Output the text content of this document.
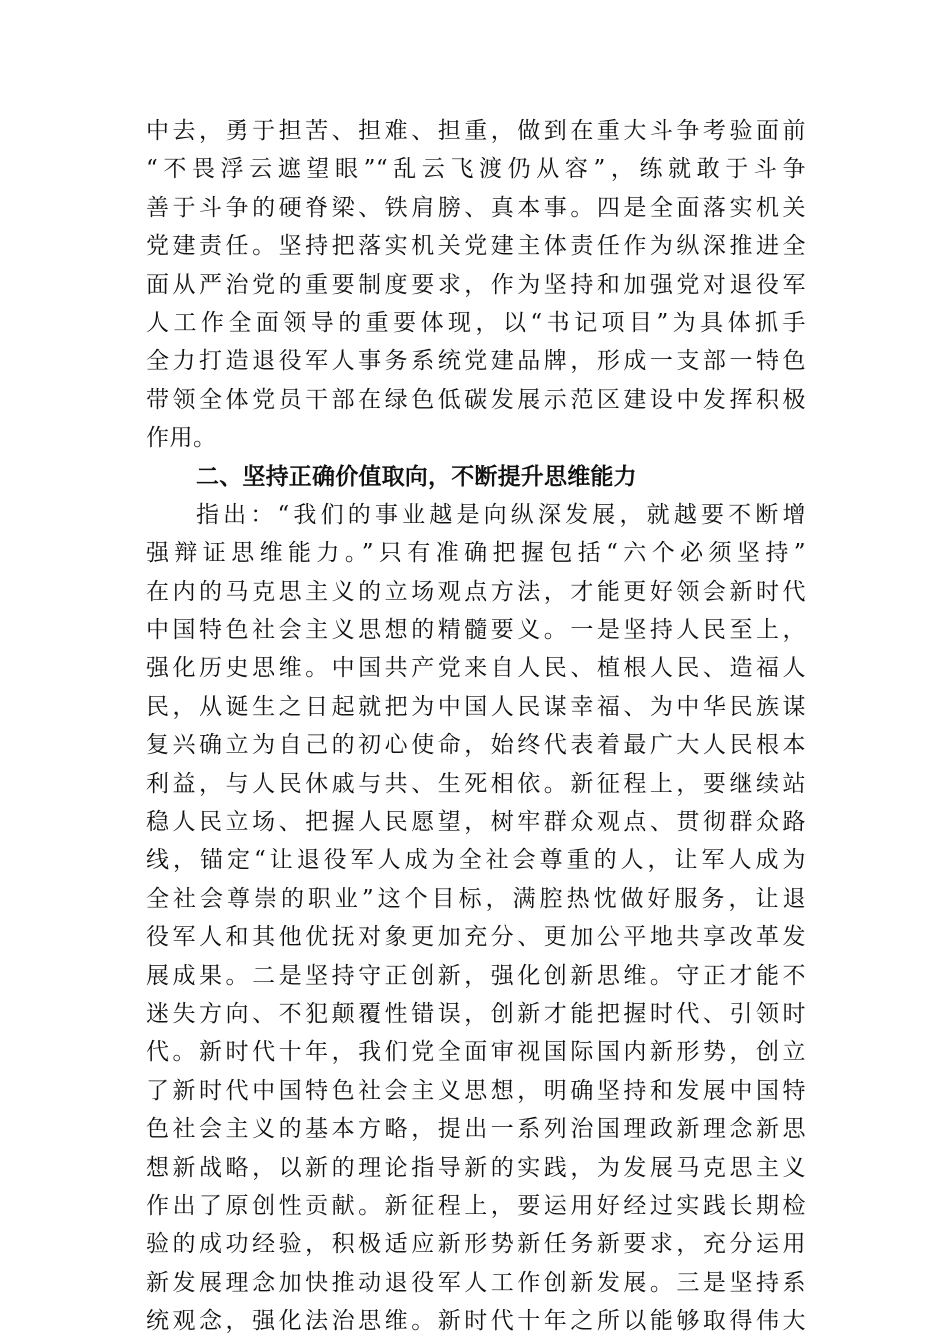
中去，勇于担苦、担难、担重，做到在重大斗争考验面前
“不畏浮云遮望眼”“乱云飞渡仍从容”，练就敢于斗争
善于斗争的硬脊梁、铁肩膀、真本事。四是全面落实机关
党建责任。坚持把落实机关党建主体责任作为纵深推进全
面从严治党的重要制度要求，作为坚持和加强党对退役军
人工作全面领导的重要体现，以“书记项目”为具体抓手
全力打造退役军人事务系统党建品牌，形成一支部一特色
带领全体党员干部在绿色低碳发展示范区建设中发挥积极
作用。
二、坚持正确价值取向，不断提升思维能力
指出：“我们的事业越是向纵深发展，就越要不断增
强辩证思维能力。”只有准确把握包括“六个必须坚持”
在内的马克思主义的立场观点方法，才能更好领会新时代
中国特色社会主义思想的精髓要义。一是坚持人民至上，
强化历史思维。中国共产党来自人民、植根人民、造福人
民，从诞生之日起就把为中国人民谋幸福、为中华民族谋
复兴确立为自己的初心使命，始终代表着最广大人民根本
利益，与人民休戚与共、生死相依。新征程上，要继续站
稳人民立场、把握人民愿望，树牢群众观点、贯彻群众路
线，锚定“让退役军人成为全社会尊重的人，让军人成为
全社会尊崇的职业”这个目标，满腔热忱做好服务，让退
役军人和其他优抚对象更加充分、更加公平地共享改革发
展成果。二是坚持守正创新，强化创新思维。守正才能不
迷失方向、不犯颠覆性错误，创新才能把握时代、引领时
代。新时代十年，我们党全面审视国际国内新形势，创立
了新时代中国特色社会主义思想，明确坚持和发展中国特
色社会主义的基本方略，提出一系列治国理政新理念新思
想新战略，以新的理论指导新的实践，为发展马克思主义
作出了原创性贡献。新征程上，要运用好经过实践长期检
验的成功经验，积极适应新形势新任务新要求，充分运用
新发展理念加快推动退役军人工作创新发展。三是坚持系
统观念，强化法治思维。新时代十年之所以能够取得伟大
